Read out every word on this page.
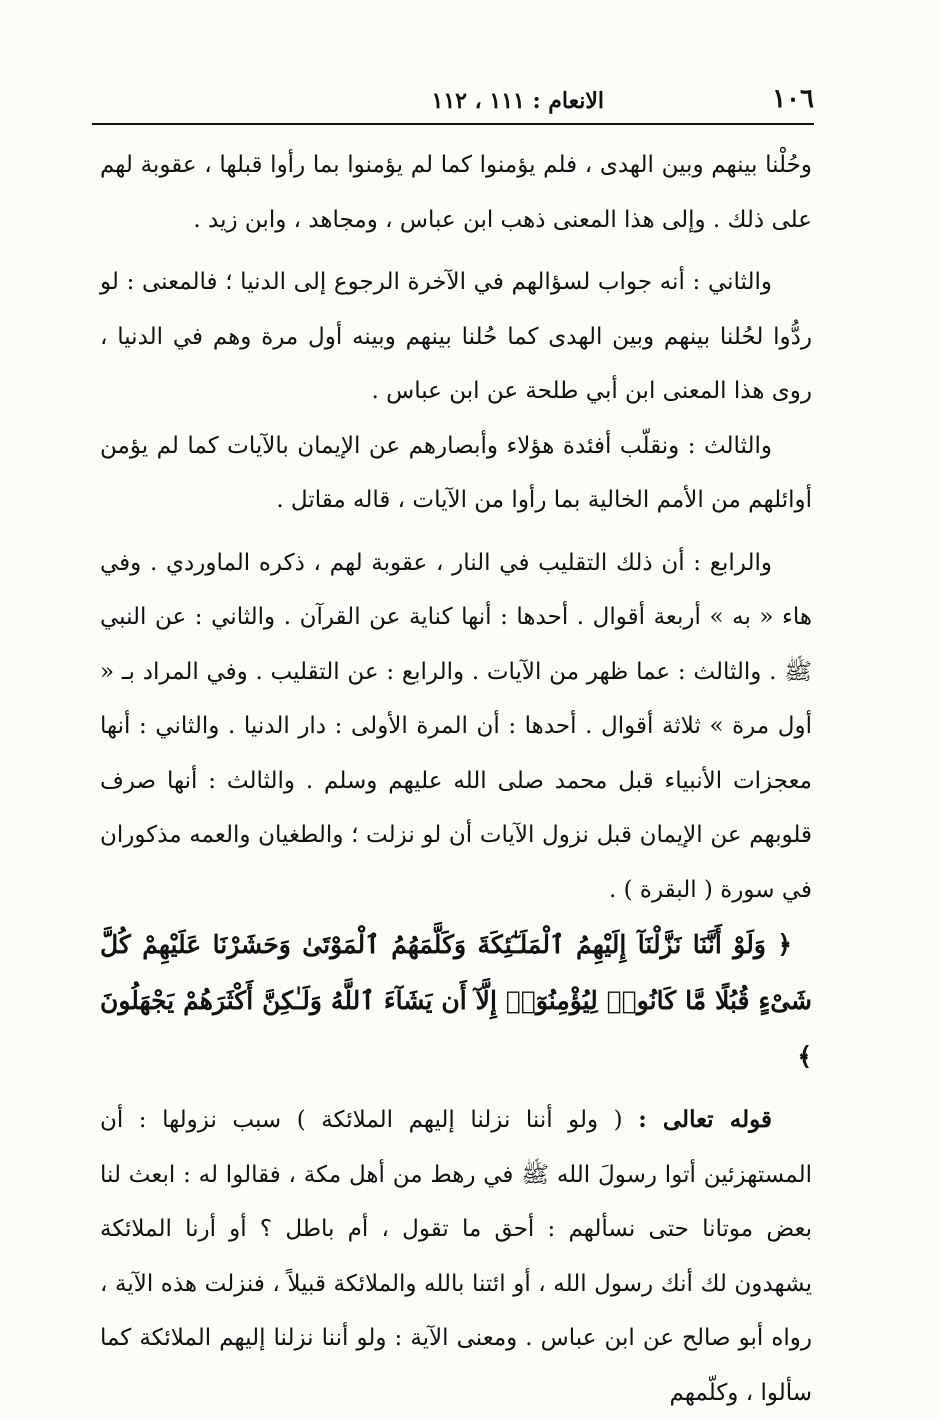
١٠٦
الانعام : ١١١ ، ١١٢

وحُلْنا بينهم وبين الهدى ، فلم يؤمنوا كما لم يؤمنوا بما رأوا قبلها ، عقوبة لهم على ذلك . وإلى هذا المعنى ذهب ابن عباس ، ومجاهد ، وابن زيد .

والثاني : أنه جواب لسؤالهم في الآخرة الرجوع إلى الدنيا ؛ فالمعنى : لو ردُّوا لحُلنا بينهم وبين الهدى كما حُلنا بينهم وبينه أول مرة وهم في الدنيا ، روى هذا المعنى ابن أبي طلحة عن ابن عباس .

والثالث : ونقلّب أفئدة هؤلاء وأبصارهم عن الإيمان بالآيات كما لم يؤمن أوائلهم من الأمم الخالية بما رأوا من الآيات ، قاله مقاتل .

والرابع : أن ذلك التقليب في النار ، عقوبة لهم ، ذكره الماوردي . وفي هاء « به » أربعة أقوال . أحدها : أنها كناية عن القرآن . والثاني : عن النبي ﷺ . والثالث : عما ظهر من الآيات . والرابع : عن التقليب . وفي المراد بـ « أول مرة » ثلاثة أقوال . أحدها : أن المرة الأولى : دار الدنيا . والثاني : أنها معجزات الأنبياء قبل محمد صلى الله عليهم وسلم . والثالث : أنها صرف قلوبهم عن الإيمان قبل نزول الآيات أن لو نزلت ؛ والطغيان والعمه مذكوران في سورة ( البقرة ) .

﴿ وَلَوْ أَنَّنَا نَزَّلْنَآ إِلَيْهِمُ ٱلْمَلَـٰٓئِكَةَ وَكَلَّمَهُمُ ٱلْمَوْتَىٰ وَحَشَرْنَا عَلَيْهِمْ كُلَّ شَىْءٍ قُبُلًا مَّا كَانُوا۟ لِيُؤْمِنُوٓا۟ إِلَّآ أَن يَشَآءَ ٱللَّهُ وَلَـٰكِنَّ أَكْثَرَهُمْ يَجْهَلُونَ ﴾

قوله تعالى : ( ولو أننا نزلنا إليهم الملائكة ) سبب نزولها : أن المستهزئين أتوا رسولَ الله ﷺ في رهط من أهل مكة ، فقالوا له : ابعث لنا بعض موتانا حتى نسألهم : أحق ما تقول ، أم باطل ؟ أو أرنا الملائكة يشهدون لك أنك رسول الله ، أو ائتنا بالله والملائكة قبيلاً ، فنزلت هذه الآية ، رواه أبو صالح عن ابن عباس . ومعنى الآية : ولو أننا نزلنا إليهم الملائكة كما سألوا ، وكلّمهم
